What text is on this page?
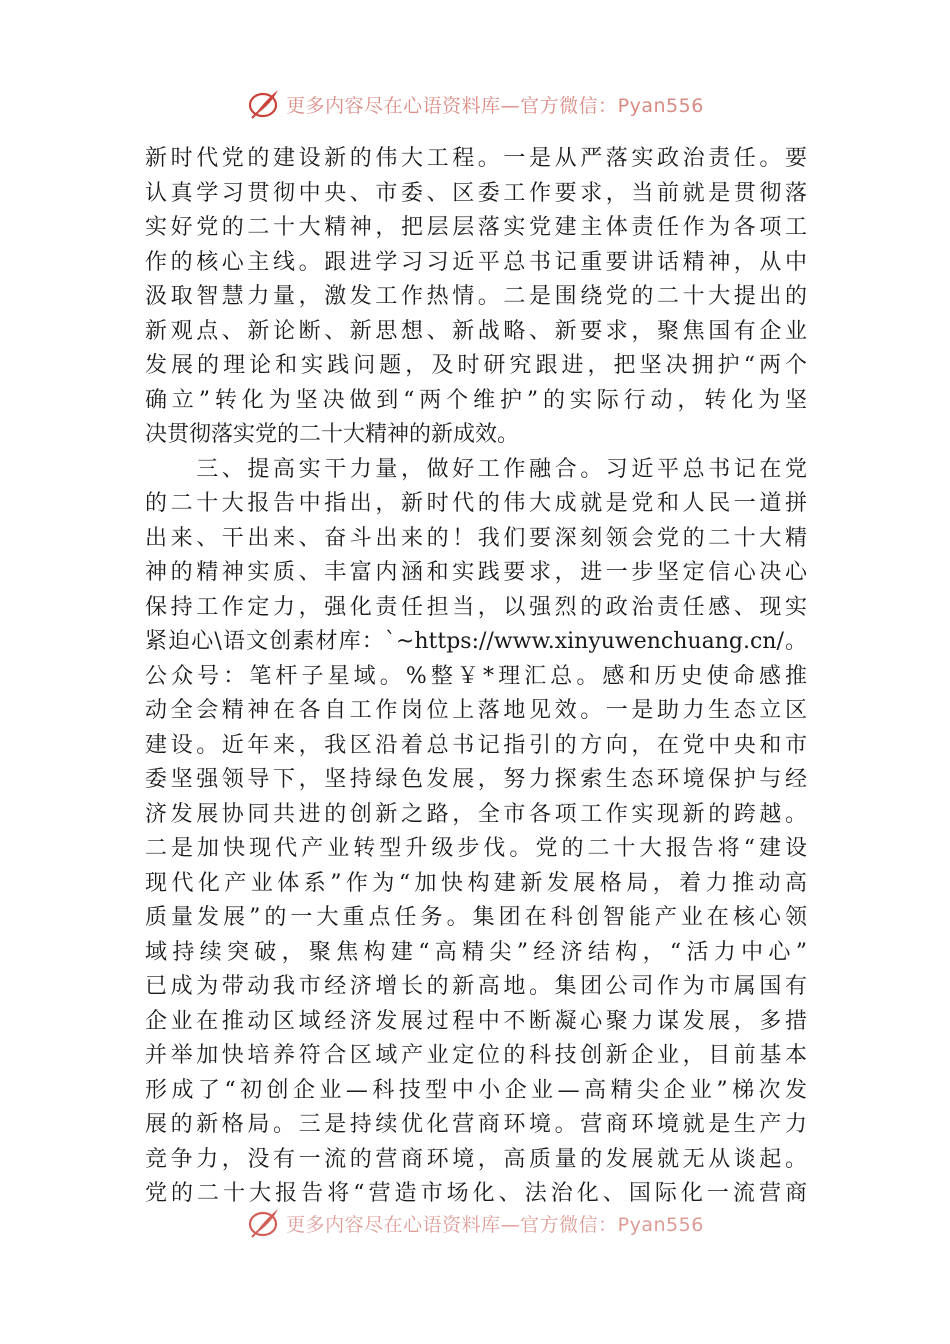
更多内容尽在心语资料库—官方微信：Pyan556
新时代党的建设新的伟大工程。一是从严落实政治责任。要
认真学习贯彻中央、市委、区委工作要求，当前就是贯彻落
实好党的二十大精神，把层层落实党建主体责任作为各项工
作的核心主线。跟进学习习近平总书记重要讲话精神，从中
汲取智慧力量，激发工作热情。二是围绕党的二十大提出的
新观点、新论断、新思想、新战略、新要求，聚焦国有企业
发展的理论和实践问题，及时研究跟进，把坚决拥护“两个
确立”转化为坚决做到“两个维护”的实际行动，转化为坚
决贯彻落实党的二十大精神的新成效。
　　三、提高实干力量，做好工作融合。习近平总书记在党
的二十大报告中指出，新时代的伟大成就是党和人民一道拼
出来、干出来、奋斗出来的！我们要深刻领会党的二十大精
神的精神实质、丰富内涵和实践要求，进一步坚定信心决心
保持工作定力，强化责任担当，以强烈的政治责任感、现实
紧迫心\语文创素材库：`~https://www.xinyuwenchuang.cn/。
公众号：笔杆子星域。%整￥*理汇总。感和历史使命感推
动全会精神在各自工作岗位上落地见效。一是助力生态立区
建设。近年来，我区沿着总书记指引的方向，在党中央和市
委坚强领导下，坚持绿色发展，努力探索生态环境保护与经
济发展协同共进的创新之路，全市各项工作实现新的跨越。
二是加快现代产业转型升级步伐。党的二十大报告将“建设
现代化产业体系”作为“加快构建新发展格局，着力推动高
质量发展”的一大重点任务。集团在科创智能产业在核心领
域持续突破，聚焦构建“高精尖”经济结构，“活力中心”
已成为带动我市经济增长的新高地。集团公司作为市属国有
企业在推动区域经济发展过程中不断凝心聚力谋发展，多措
并举加快培养符合区域产业定位的科技创新企业，目前基本
形成了“初创企业—科技型中小企业—高精尖企业”梯次发
展的新格局。三是持续优化营商环境。营商环境就是生产力
竞争力，没有一流的营商环境，高质量的发展就无从谈起。
党的二十大报告将“营造市场化、法治化、国际化一流营商
更多内容尽在心语资料库—官方微信：Pyan556
